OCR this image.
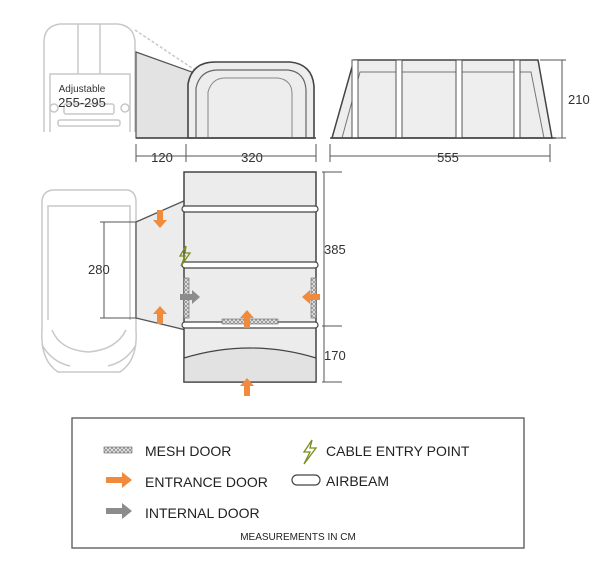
Adjustable
255-295	210
120	320	555
280
385
170
MESH DOOR	CABLE ENTRY POINT
ENTRANCE DOOR	AIRBEAM
INTERNAL DOOR
MEASUREMENTS IN CM
